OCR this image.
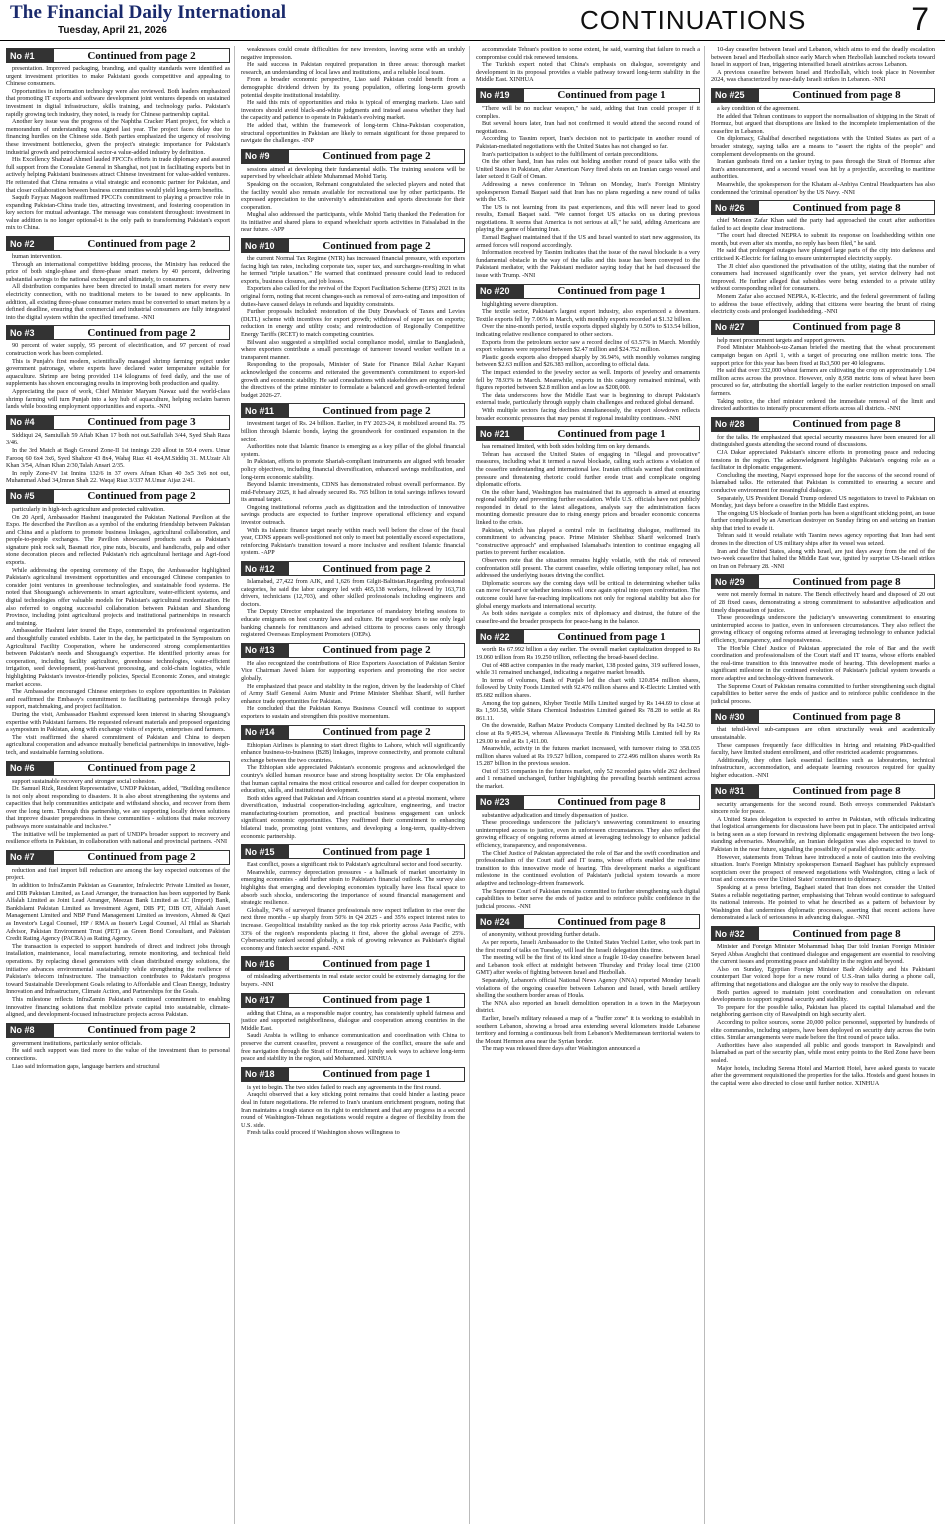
The Financial Daily International
Tuesday, April 21, 2026	CONTINUATIONS	7
No #1	Continued from page 2

presentation. Improved packaging, branding, and quality standards were identified as urgent investment priorities to make Pakistani goods competitive and appealing to Chinese consumers.

Opportunities in information technology were also reviewed. Both leaders emphasized that promoting IT exports and software development joint ventures depends on sustained investment in digital infrastructure, skills training, and technology parks. Pakistan's rapidly growing tech industry, they noted, is ready for Chinese partnership capital.

Another key issue was the progress of the Naphtha Cracker Plant project, for which a memorandum of understanding was signed last year. The project faces delay due to financing hurdles on the Chinese side. Both parties emphasized the urgency of resolving these investment bottlenecks, given the project's strategic importance for Pakistan's industrial growth and petrochemical sector-a value-added industry by definition.

His Excellency Shahzad Ahmed lauded FPCCI's efforts in trade diplomacy and assured full support from the Consulate General in Shanghai, not just in facilitating exports but in actively helping Pakistani businesses attract Chinese investment for value-added ventures. He reiterated that China remains a vital strategic and economic partner for Pakistan, and that closer collaboration between business communities would yield long-term benefits.

Saquib Fayyaz Magoon reaffirmed FPCCI's commitment to playing a proactive role in expanding Pakistan-China trade ties, attracting investment, and fostering cooperation in key sectors for mutual advantage. The message was consistent throughout: investment in value addition is no longer optional-it is the only path to transforming Pakistan's export mix to China.

No #2	Continued from page 2

human intervention.

Through an international competitive bidding process, the Ministry has reduced the price of both single-phase and three-phase smart meters by 40 percent, delivering substantial savings to the national exchequer and ultimately, to consumers.

All distribution companies have been directed to install smart meters for every new electricity connection, with no traditional meters to be issued to new applicants. In addition, all existing three-phase consumer meters must be converted to smart meters by a defined deadline, ensuring that commercial and industrial consumers are fully integrated into the digital system within the specified timeframe. -NNI

No #3	Continued from page 2

90 percent of water supply, 95 percent of electrification, and 97 percent of road construction work has been completed.

This is Punjab's first modern, scientifically managed shrimp farming project under government patronage, where experts have declared water temperature suitable for aquaculture. Shrimp are being provided 114 kilograms of feed daily, and the use of supplements has shown encouraging results in improving both production and quality.

Appreciating the pace of work, Chief Minister Maryam Nawaz said the world-class shrimp farming will turn Punjab into a key hub of aquaculture, helping reclaim barren lands while boosting employment opportunities and exports. -NNI

No #4	Continued from page 3

Siddiqui 24, Samiullah 59 Aftab Khan 17 both not out.Saifullah 3/44, Syed Shah Raza 3/46.

In the 3rd Match at Bagh Ground Zone-II 1st innings 220 allout in 59.4 overs. Umar Farooq 60 6x4 3x6, Syed Shahzor 43 8x4, Wahaj Riaz 41 4x4,M.Siddiq 31. M.Uzair Ali Khan 3/54, Afnan Khan 2/30,Talah Ansari 2/35.

In reply Zone-IV 1st Innins 132/6 in 37 overs Afnan Khan 40 3x5 3x6 not out, Muhammad Abad 34,Imran Shah 22. Waqaj Riaz 3/337 M.Umar Aijaz 2/41.

No #5	Continued from page 2

particularly in high-tech agriculture and protected cultivation.

On 20 April, Ambassador Hashmi inaugurated the Pakistan National Pavilion at the Expo. He described the Pavilion as a symbol of the enduring friendship between Pakistan and China and a platform to promote business linkages, agricultural collaboration, and people-to-people exchanges. The Pavilion showcased products such as Pakistan's signature pink rock salt, Basmati rice, pine nuts, biscuits, and handicrafts, pulp and other stone decoration pieces and reflected Pakistan's rich agricultural heritage and Agri-food exports.

While addressing the opening ceremony of the Expo, the Ambassador highlighted Pakistan's agricultural investment opportunities and encouraged Chinese companies to consider joint ventures in greenhouse technologies, and sustainable food systems. He noted that Shouguang's achievements in smart agriculture, water-efficient systems, and digital technologies offer valuable models for Pakistan's agricultural modernization. He also referred to ongoing successful collaboration between Pakistan and Shandong Province, including joint agricultural projects and institutional partnerships in research and training.

Ambassador Hashmi later toured the Expo, commended its professional organization and thoughtfully curated exhibits. Later in the day, he participated in the Symposium on Agricultural Facility Cooperation, where he underscored strong complementarities between Pakistan's needs and Shouguang's expertise. He identified priority areas for cooperation, including facility agriculture, greenhouse technologies, water-efficient irrigation, seed development, post-harvest processing, and cold-chain logistics, while highlighting Pakistan's investor-friendly policies, Special Economic Zones, and strategic market access.

The Ambassador encouraged Chinese enterprises to explore opportunities in Pakistan and reaffirmed the Embassy's commitment to facilitating partnerships through policy support, matchmaking, and project facilitation.

During the visit, Ambassador Hashmi expressed keen interest in sharing Shouguang's expertise with Pakistani farmers. He requested relevant materials and proposed organizing a symposium in Pakistan, along with exchange visits of experts, enterprises and farmers.

The visit reaffirmed the shared commitment of Pakistan and China to deepen agricultural cooperation and advance mutually beneficial partnerships in innovative, high-tech, and sustainable farming solutions.

No #6	Continued from page 2

support sustainable recovery and stronger social cohesion.

Dr. Samuel Rizk, Resident Representative, UNDP Pakistan, added, "Building resilience is not only about responding to disasters. It is also about strengthening the systems and capacities that help communities anticipate and withstand shocks, and recover from them over the long term. Through this partnership, we are supporting locally driven solutions that improve disaster preparedness in these communities - solutions that make recovery pathways more sustainable and inclusive."

The initiative will be implemented as part of UNDP's broader support to recovery and resilience efforts in Pakistan, in collaboration with national and provincial partners. -NNI

No #7	Continued from page 2

reduction and fuel import bill reduction are among the key expected outcomes of the project.

In addition to InfraZamin Pakistan as Guarantor, Infralectric Private Limited as Issuer, and DIB Pakistan Limited, as Lead Arranger, the transaction has been supported by Bank Alfalah Limited as Joint Lead Arranger, Meezan Bank Limited as LC (Import) Bank, BankIslami Pakistan Limited as Investment Agent, DIB PT, DIB OT, Alfalah Asset Management Limited and NBP Fund Management Limited as investors, Ahmed & Qazi as Investor's Legal Counsel, HP / RMA as Issuer's Legal Counsel, Al Hilal as Shariah Advisor, Pakistan Environment Trust (PET) as Green Bond Consultant, and Pakistan Credit Rating Agency (PACRA) as Rating Agency.

The transaction is expected to support hundreds of direct and indirect jobs through installation, maintenance, local manufacturing, remote monitoring, and technical field operations. By replacing diesel generators with clean distributed energy solutions, the initiative advances environmental sustainability while strengthening the resilience of Pakistan's telecom infrastructure. The transaction contributes to Pakistan's progress toward Sustainable Development Goals relating to Affordable and Clean Energy, Industry Innovation and Infrastructure, Climate Action, and Partnerships for the Goals.

This milestone reflects InfraZamin Pakistan's continued commitment to enabling innovative financing solutions that mobilize private capital into sustainable, climate-aligned, and development-focused infrastructure projects across Pakistan.

No #8	Continued from page 2

government institutions, particularly senior officials.

He said such support was tied more to the value of the investment than to personal connections.

Liao said information gaps, language barriers and structural

weaknesses could create difficulties for new investors, leaving some with an unduly negative impression.

He said success in Pakistan required preparation in three areas: thorough market research, an understanding of local laws and institutions, and a reliable local team.

From a broader economic perspective, Liao said Pakistan could benefit from a demographic dividend driven by its young population, offering long-term growth potential despite institutional instability.

He said this mix of opportunities and risks is typical of emerging markets. Liao said investors should avoid black-and-white judgments and instead assess whether they had the capacity and patience to operate in Pakistan's evolving market.

He added that, within the framework of long-term China-Pakistan cooperation, structural opportunities in Pakistan are likely to remain significant for those prepared to navigate the challenges. -INP

No #9	Continued from page 2

sessions aimed at developing their fundamental skills. The training sessions will be supervised by wheelchair athlete Muhammad Mohid Tariq.

Speaking on the occasion, Rehmani congratulated the selected players and noted that the facility would also remain available for recreational use by other participants. He expressed appreciation to the university's administration and sports directorate for their cooperation.

Mughal also addressed the participants, while Mohid Tariq thanked the Federation for its initiative and shared plans to expand wheelchair sports activities in Faisalabad in the near future. -APP

No #10	Continued from page 2

the current Normal Tax Regime (NTR) has increased financial pressure, with exporters facing high tax rates, including corporate tax, super tax, and surcharges-resulting in what he termed "triple taxation." He warned that continued pressure could lead to reduced exports, business closures, and job losses.

Exporters also called for the revival of the Export Facilitation Scheme (EFS) 2021 in its original form, noting that recent changes-such as removal of zero-rating and imposition of duties-have caused delays in refunds and liquidity constraints.

Further proposals included: restoration of the Duty Drawback of Taxes and Levies (DLTL) scheme with incentives for export growth; withdrawal of super tax on exports; reduction in energy and utility costs; and reintroduction of Regionally Competitive Energy Tariffs (RCET) to match competing countries.

Bilwani also suggested a simplified social compliance model, similar to Bangladesh, where exporters contribute a small percentage of turnover toward worker welfare in a transparent manner.

Responding to the proposals, Minister of State for Finance Bilal Azhar Kayani acknowledged the concerns and reiterated the government's commitment to export-led growth and economic stability. He said consultations with stakeholders are ongoing under the directives of the prime minister to formulate a balanced and growth-oriented federal budget 2026-27.

No #11	Continued from page 2

investment target of Rs. 24 billion. Earlier, in FY 2023-24, it mobilized around Rs. 75 billion through Islamic bonds, laying the groundwork for continued expansion in the sector.

Authorities note that Islamic finance is emerging as a key pillar of the global financial system.

In Pakistan, efforts to promote Shariah-compliant instruments are aligned with broader policy objectives, including financial diversification, enhanced savings mobilization, and long-term economic stability.

Beyond Islamic investments, CDNS has demonstrated robust overall performance. By mid-February 2025, it had already secured Rs. 765 billion in total savings inflows toward its annual target.

Ongoing institutional reforms ,such as digitization and the introduction of innovative savings products are expected to further improve operational efficiency and expand investor outreach.

With its Islamic finance target nearly within reach well before the close of the fiscal year, CDNS appears well-positioned not only to meet but potentially exceed expectations, reinforcing Pakistan's transition toward a more inclusive and resilient Islamic financial system. -APP

No #12	Continued from page 2

Islamabad, 27,422 from AJK, and 1,626 from Gilgit-Baltistan.Regarding professional categories, he said the labor category led with 465,138 workers, followed by 163,718 drivers, technicians (12,703), and other skilled professionals including engineers and doctors.

The Deputy Director emphasized the importance of mandatory briefing sessions to educate emigrants on host country laws and culture. He urged workers to use only legal banking channels for remittances and advised citizens to process cases only through registered Overseas Employment Promoters (OEPs).

No #13	Continued from page 2

He also recognized the contributions of Rice Exporters Association of Pakistan Senior Vice Chairman Javed Islam for supporting exporters and promoting the rice sector globally.

He emphasized that peace and stability in the region, driven by the leadership of Chief of Army Staff General Asim Munir and Prime Minister Shehbaz Sharif, will further enhance trade opportunities for Pakistan.

He concluded that the Pakistan Kenya Business Council will continue to support exporters to sustain and strengthen this positive momentum.

No #14	Continued from page 2

Ethiopian Airlines is planning to start direct flights to Lahore, which will significantly enhance business-to-business (B2B) linkages, improve connectivity, and promote cultural exchange between the two countries.

The Ethiopian side appreciated Pakistan's economic progress and acknowledged the country's skilled human resource base and strong hospitality sector. Dr Ola emphasized that human capital remains the most critical resource and called for deeper cooperation in education, skills, and institutional development.

Both sides agreed that Pakistan and African countries stand at a pivotal moment, where diversification, industrial cooperation-including agriculture, engineering, and tractor manufacturing-tourism promotion, and practical business engagement can unlock significant economic opportunities. They reaffirmed their commitment to enhancing bilateral trade, promoting joint ventures, and developing a long-term, quality-driven economic partnership.

No #15	Continued from page 1

East conflict, poses a significant risk to Pakistan's agricultural sector and food security.

Meanwhile, currency depreciation pressures - a hallmark of market uncertainty in emerging economies - add further strain to Pakistan's financial outlook. The survey also highlights that emerging and developing economies typically have less fiscal space to absorb such shocks, underscoring the importance of sound financial management and strategic resilience.

Globally, 74% of surveyed finance professionals now expect inflation to rise over the next three months - up sharply from 50% in Q4 2025 - and 35% expect interest rates to increase. Geopolitical instability ranked as the top risk priority across Asia Pacific, with 33% of the region's respondents placing it first, above the global average of 25%. Cybersecurity ranked second globally, a risk of growing relevance as Pakistan's digital economy and fintech sector expand. -NNI

No #16	Continued from page 1

of misleading advertisements in real estate sector could be extremely damaging for the buyers. -NNI

No #17	Continued from page 1

adding that China, as a responsible major country, has consistently upheld fairness and justice and supported neighborliness, dialogue and cooperation among countries in the Middle East.

Saudi Arabia is willing to enhance communication and coordination with China to preserve the current ceasefire, prevent a resurgence of the conflict, ensure the safe and free navigation through the Strait of Hormuz, and jointly seek ways to achieve long-term peace and stability in the region, said Mohammed. XINHUA

No #18	Continued from page 1

is yet to begin. The two sides failed to reach any agreements in the first round.

Araqchi observed that a key sticking point remains that could hinder a lasting peace deal in future negotiations. He referred to Iran's uranium enrichment program, noting that Iran maintains a tough stance on its right to enrichment and that any progress in a second round of Washington-Tehran negotiations would require a degree of flexibility from the U.S. side.

Fresh talks could proceed if Washington shows willingness to

accommodate Tehran's position to some extent, he said, warning that failure to reach a compromise could risk renewed tensions.

The Turkish expert noted that China's emphasis on dialogue, sovereignty and development in its proposal provides a viable pathway toward long-term stability in the Middle East. XINHUA

No #19	Continued from page 1

"There will be no nuclear weapon," he said, adding that Iran could prosper if it complies.

But several hours later, Iran had not confirmed it would attend the second round of negotiations.

According to Tasnim report, Iran's decision not to participate in another round of Pakistan-mediated negotiations with the United States has not changed so far.

Iran's participation is subject to the fulfillment of certain preconditions.

On the other hand, Iran has rules out holding another round of peace talks with the United States in Pakistan, after American Navy fired shots on an Iranian cargo vessel and later seized it Gulf of Oman.

Addressing a news conference in Tehran on Monday, Iran's Foreign Ministry spokesperson Esmail Baqaei said that Iran has no plans regarding a new round of talks with the US.

The US is not learning from its past experiences, and this will never lead to good results, Esmail Baqaei said. "We cannot forget US attacks on us during previous negotiations. It seems that America is not serious at all," he said, adding Americans are playing the game of blaming Iran.

Esmail Baghaei maintained that if the US and Israel wanted to start new aggression, its armed forces will respond accordingly.

Information received by Tasnim indicates that the issue of the naval blockade is a very fundamental obstacle in the way of the talks and this issue has been conveyed to the Pakistani mediator, with the Pakistani mediator saying today that he had discussed the issue with Trump. -NNI

No #20	Continued from page 1

highlighting severe disruption.

The textile sector, Pakistan's largest export industry, also experienced a downturn. Textile exports fell by 7.06% in March, with monthly exports recorded at $1.32 billion.

Over the nine-month period, textile exports dipped slightly by 0.50% to $13.54 billion, indicating relative resilience compared to other sectors.

Exports from the petroleum sector saw a record decline of 63.57% in March. Monthly export volumes were reported between $2.47 million and $24.752 million.

Plastic goods exports also dropped sharply by 36.94%, with monthly volumes ranging between $2.63 million and $26.383 million, according to official data.

The impact extended to the jewelry sector as well. Imports of jewelry and ornaments fell by 78.93% in March. Meanwhile, exports in this category remained minimal, with figures reported between $2.8 million and as low as $208,000.

The data underscores how the Middle East war is beginning to disrupt Pakistan's external trade, particularly through supply chain challenges and reduced global demand.

With multiple sectors facing declines simultaneously, the export slowdown reflects broader economic pressures that may persist if regional instability continues. -NNI

No #21	Continued from page 1

has remained limited, with both sides holding firm on key demands.

Tehran has accused the United States of engaging in "illegal and provocative" measures, including what it termed a naval blockade, calling such actions a violation of the ceasefire understanding and international law. Iranian officials warned that continued pressure and threatening rhetoric could further erode trust and complicate ongoing diplomatic efforts.

On the other hand, Washington has maintained that its approach is aimed at ensuring regional stability and preventing further escalation. While U.S. officials have not publicly responded in detail to the latest allegations, analysts say the administration faces mounting domestic pressure due to rising energy prices and broader economic concerns linked to the crisis.

Pakistan, which has played a central role in facilitating dialogue, reaffirmed its commitment to advancing peace. Prime Minister Shehbaz Sharif welcomed Iran's "constructive approach" and emphasised Islamabad's intention to continue engaging all parties to prevent further escalation.

Observers note that the situation remains highly volatile, with the risk of renewed confrontation still present. The current ceasefire, while offering temporary relief, has not addressed the underlying issues driving the conflict.

Diplomatic sources say the coming days will be critical in determining whether talks can move forward or whether tensions will once again spiral into open confrontation. The outcome could have far-reaching implications not only for regional stability but also for global energy markets and international security.

As both sides navigate a complex mix of diplomacy and distrust, the future of the ceasefire-and the broader prospects for peace-hang in the balance.

No #22	Continued from page 1

worth Rs 67.992 billion a day earlier. The overall market capitalization dropped to Rs 19.060 trillion from Rs 19.250 trillion, reflecting the broad-based decline.

Out of 488 active companies in the ready market, 138 posted gains, 319 suffered losses, while 31 remained unchanged, indicating a negative market breadth.

In terms of volumes, Bank of Punjab led the chart with 120.854 million shares, followed by Unity Foods Limited with 92.476 million shares and K-Electric Limited with 85.682 million shares.

Among the top gainers, Khyber Textile Mills Limited surged by Rs 144.69 to close at Rs 1,591.58, while Sitara Chemical Industries Limited gained Rs 78.28 to settle at Rs 861.11.

On the downside, Rafhan Maize Products Company Limited declined by Rs 142.50 to close at Rs 9,495.34, whereas Allawasaya Textile & Finishing Mills Limited fell by Rs 129.00 to end at Rs 1,411.00.

Meanwhile, activity in the futures market increased, with turnover rising to 358.035 million shares valued at Rs 19.527 billion, compared to 272.496 million shares worth Rs 15.287 billion in the previous session.

Out of 315 companies in the futures market, only 52 recorded gains while 262 declined and 1 remained unchanged, further highlighting the prevailing bearish sentiment across the market.

No #23	Continued from page 8

substantive adjudication and timely dispensation of justice.

These proceedings underscore the judiciary's unwavering commitment to ensuring uninterrupted access to justice, even in unforeseen circumstances. They also reflect the growing efficacy of ongoing reforms aimed at leveraging technology to enhance judicial efficiency, transparency, and responsiveness.

The Chief Justice of Pakistan appreciated the role of Bar and the swift coordination and professionalism of the Court staff and IT teams, whose efforts enabled the real-time transition to this innovative mode of hearing. This development marks a significant milestone in the continued evolution of Pakistan's judicial system towards a more adaptive and technology-driven framework.

The Supreme Court of Pakistan remains committed to further strengthening such digital capabilities to better serve the ends of justice and to reinforce public confidence in the judicial process. -NNI

No #24	Continued from page 8

of anonymity, without providing further details.

As per reports, Israeli Ambassador to the United States Yechiel Leiter, who took part in the first round of talks on Tuesday, will lead the Israeli delegation this time.

The meeting will be the first of its kind since a fragile 10-day ceasefire between Israel and Lebanon took effect at midnight between Thursday and Friday local time (2100 GMT) after weeks of fighting between Israel and Hezbollah.

Separately, Lebanon's official National News Agency (NNA) reported Monday Israeli violations of the ongoing ceasefire between Lebanon and Israel, with Israeli artillery shelling the southern border areas of Houla.

The NNA also reported an Israeli demolition operation in a town in the Marjeyoun district.

Earlier, Israel's military released a map of a "buffer zone" it is working to establish in southern Lebanon, showing a broad area extending several kilometers inside Lebanese territory and forming a continuous belt from Lebanon's Mediterranean territorial waters to the Mount Hermon area near the Syrian border.

The map was released three days after Washington announced a

10-day ceasefire between Israel and Lebanon, which aims to end the deadly escalation between Israel and Hezbollah since early March when Hezbollah launched rockets toward Israel in support of Iran, triggering intensified Israeli airstrikes across Lebanon.

A previous ceasefire between Israel and Hezbollah, which took place in November 2024, was characterized by near-daily Israeli strikes in Lebanon. -NNI

No #25	Continued from page 8

a key condition of the agreement.

He added that Tehran continues to support the normalisation of shipping in the Strait of Hormuz, but argued that disruptions are linked to the incomplete implementation of the ceasefire in Lebanon.

On diplomacy, Ghalibaf described negotiations with the United States as part of a broader strategy, saying talks are a means to "assert the rights of the people" and complement developments on the ground.

Iranian gunboats fired on a tanker trying to pass through the Strait of Hormuz after Iran's announcement, and a second vessel was hit by a projectile, according to maritime authorities.

Meanwhile, the spokesperson for the Khatam al-Anbiya Central Headquarters has also condemned the 'criminal operation' by the US Navy. -NNI

No #26	Continued from page 8

chief Momen Zafar Khan said the party had approached the court after authorities failed to act despite clear instructions.

"The court had directed NEPRA to submit its response on loadshedding within one month, but even after six months, no reply has been filed," he said.

He said that prolonged outages have plunged large parts of the city into darkness and criticised K-Electric for failing to ensure uninterrupted electricity supply.

The JI chief also questioned the privatisation of the utility, stating that the number of consumers had increased significantly over the years, yet service delivery had not improved. He further alleged that subsidies were being extended to a private utility without corresponding relief for consumers.

Monem Zafar also accused NEPRA, K-Electric, and the federal government of failing to address the issue effectively, adding that citizens were bearing the brunt of rising electricity costs and prolonged loadshedding. -NNI

No #27	Continued from page 8

help meet procurement targets and support growers.

Food Minister Mahboob-uz-Zaman briefed the meeting that the wheat procurement campaign began on April 1, with a target of procuring one million metric tons. The support price for this year has been fixed at Rs3,500 per 40 kilograms.

He said that over 332,000 wheat farmers are cultivating the crop on approximately 1.94 million acres across the province. However, only 8,958 metric tons of wheat have been procured so far, attributing the shortfall largely to the earlier restriction imposed on small farmers.

Taking notice, the chief minister ordered the immediate removal of the limit and directed authorities to intensify procurement efforts across all districts. -NNI

No #28	Continued from page 8

for the talks. He emphasized that special security measures have been ensured for all distinguished guests attending the second round of discussions.

CJA Dakar appreciated Pakistan's sincere efforts in promoting peace and reducing tensions in the region. The acknowledgment highlights Pakistan's ongoing role as a facilitator in diplomatic engagement.

Concluding the meeting, Naqvi expressed hope for the success of the second round of Islamabad talks. He reiterated that Pakistan is committed to ensuring a secure and conducive environment for meaningful dialogue.

Separately, US President Donald Trump ordered US negotiators to travel to Pakistan on Monday, just days before a ceasefire in the Middle East expires.

The ongoing US blockade of Iranian ports has been a significant sticking point, an issue further complicated by an American destroyer on Sunday firing on and seizing an Iranian ship that tried to evade it.

Tehran said it would retaliate with Tasnim news agency reporting that Iran had sent drones in the direction of US military ships after its vessel was seized.

Iran and the United States, along with Israel, are just days away from the end of the two-week ceasefire that halted the Middle East war, ignited by surprise US-Israeli strikes on Iran on February 28. -NNI

No #29	Continued from page 8

were not merely formal in nature. The Bench effectively heard and disposed of 20 out of 28 fixed cases, demonstrating a strong commitment to substantive adjudication and timely dispensation of justice.

These proceedings underscore the judiciary's unwavering commitment to ensuring uninterrupted access to justice, even in unforeseen circumstances. They also reflect the growing efficacy of ongoing reforms aimed at leveraging technology to enhance judicial efficiency, transparency, and responsiveness.

The Hon'ble Chief Justice of Pakistan appreciated the role of Bar and the swift coordination and professionalism of the Court staff and IT teams, whose efforts enabled the real-time transition to this innovative mode of hearing. This development marks a significant milestone in the continued evolution of Pakistan's judicial system towards a more adaptive and technology-driven framework.

The Supreme Court of Pakistan remains committed to further strengthening such digital capabilities to better serve the ends of justice and to reinforce public confidence in the judicial process.

No #30	Continued from page 8

that tehsil-level sub-campuses are often structurally weak and academically unsustainable.

These campuses frequently face difficulties in hiring and retaining PhD-qualified faculty, have limited student enrollment, and offer restricted academic programmes.

Additionally, they often lack essential facilities such as laboratories, technical infrastructure, accommodation, and adequate learning resources required for quality higher education. -NNI

No #31	Continued from page 8

security arrangements for the second round. Both envoys commended Pakistan's sincere role for peace.

A United States delegation is expected to arrive in Pakistan, with officials indicating that logistical arrangements for discussions have been put in place. The anticipated arrival is being seen as a step forward in reviving diplomatic engagement between the two long-standing adversaries. Meanwhile, an Iranian delegation was also expected to travel to Pakistan in the near future, signalling the possibility of parallel diplomatic activity.

However, statements from Tehran have introduced a note of caution into the evolving situation. Iran's Foreign Ministry spokesperson Esmaeil Baghaei has publicly expressed scepticism over the prospect of renewed negotiations with Washington, citing a lack of trust and concerns over the United States' commitment to diplomacy.

Speaking at a press briefing, Baghaei stated that Iran does not consider the United States a reliable negotiating partner, emphasising that Tehran would continue to safeguard its national interests. He pointed to what he described as a pattern of behaviour by Washington that undermines diplomatic processes, asserting that recent actions have demonstrated a lack of seriousness in advancing dialogue. -NNI

No #32	Continued from page 8

Minister and Foreign Minister Mohammad Ishaq Dar told Iranian Foreign Minister Seyed Abbas Araghchi that continued dialogue and engagement are essential to resolving the current issues and promoting peace and stability in the region and beyond.

Also on Sunday, Egyptian Foreign Minister Badr Abdelatty and his Pakistani counterpart Dar voiced hope for a new round of U.S.-Iran talks during a phone call, affirming that negotiations and dialogue are the only way to resolve the dispute.

Both parties agreed to maintain joint coordination and consultation on relevant developments to support regional security and stability.

To prepare for the possible talks, Pakistan has placed its capital Islamabad and the neighboring garrison city of Rawalpindi on high security alert.

According to police sources, some 20,000 police personnel, supported by hundreds of elite commandos, including snipers, have been deployed on security duty across the twin cities. Similar arrangements were made before the first round of peace talks.

Authorities have also suspended all public and goods transport in Rawalpindi and Islamabad as part of the security plan, while most entry points to the Red Zone have been sealed.

Major hotels, including Serena Hotel and Marriott Hotel, have asked guests to vacate after the government requisitioned the properties for the talks. Hostels and guest houses in the capital were also directed to close until further notice. XINHUA
